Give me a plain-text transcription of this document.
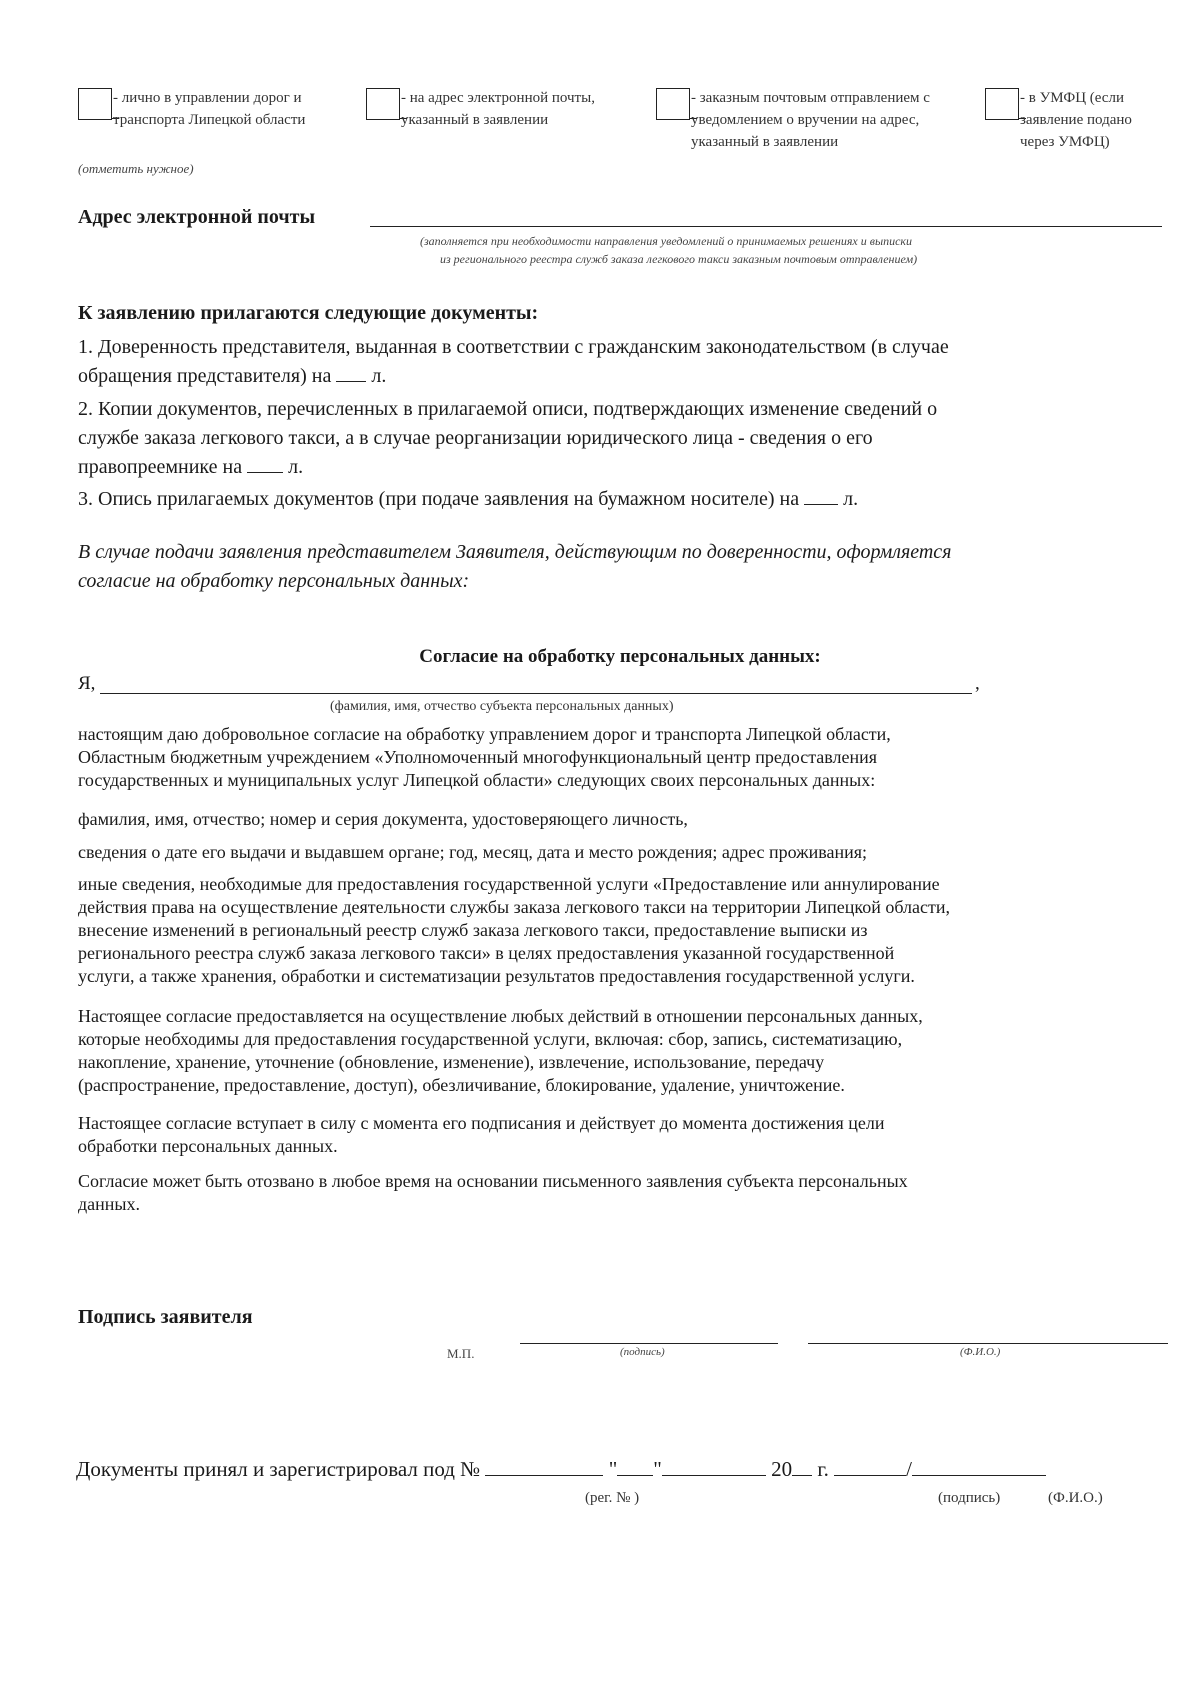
- лично в управлении дорог и
транспорта Липецкой области
- на адрес электронной почты,
указанный в заявлении
- заказным почтовым отправлением с
уведомлением о вручении на адрес,
указанный в заявлении
- в УМФЦ (если
заявление подано
через УМФЦ)
(отметить нужное)
Адрес электронной почты
(заполняется при необходимости направления уведомлений о принимаемых решениях и выписки
из регионального реестра служб заказа легкового такси заказным почтовым отправлением)
К заявлению прилагаются следующие документы:
1. Доверенность представителя, выданная в соответствии с гражданским законодательством (в случае
обращения представителя) на л.
2. Копии документов, перечисленных в прилагаемой описи, подтверждающих изменение сведений о
службе заказа легкового такси, а в случае реорганизации юридического лица - сведения о его
правопреемнике на л.
3. Опись прилагаемых документов (при подаче заявления на бумажном носителе) на л.
В случае подачи заявления представителем Заявителя, действующим по доверенности, оформляется
согласие на обработку персональных данных:
Согласие на обработку персональных данных:
Я,	,
(фамилия, имя, отчество субъекта персональных данных)
настоящим даю добровольное согласие на обработку управлением дорог и транспорта Липецкой области,
Областным бюджетным учреждением «Уполномоченный многофункциональный центр предоставления
государственных и муниципальных услуг Липецкой области» следующих своих персональных данных:
фамилия, имя, отчество; номер и серия документа, удостоверяющего личность,
сведения о дате его выдачи и выдавшем органе; год, месяц, дата и место рождения; адрес проживания;
иные сведения, необходимые для предоставления государственной услуги «Предоставление или аннулирование
действия права на осуществление деятельности службы заказа легкового такси на территории Липецкой области,
внесение изменений в региональный реестр служб заказа легкового такси, предоставление выписки из
регионального реестра служб заказа легкового такси» в целях предоставления указанной государственной
услуги, а также хранения, обработки и систематизации результатов предоставления государственной услуги.
Настоящее согласие предоставляется на осуществление любых действий в отношении персональных данных,
которые необходимы для предоставления государственной услуги, включая: сбор, запись, систематизацию,
накопление, хранение, уточнение (обновление, изменение), извлечение, использование, передачу
(распространение, предоставление, доступ), обезличивание, блокирование, удаление, уничтожение.
Настоящее согласие вступает в силу с момента его подписания и действует до момента достижения цели
обработки персональных данных.
Согласие может быть отозвано в любое время на основании письменного заявления субъекта персональных
данных.
Подпись заявителя
М.П.	(подпись)	(Ф.И.О.)
Документы принял и зарегистрировал под №	" "	20 г.	/
(рег. № )	(подпись)	(Ф.И.О.)
